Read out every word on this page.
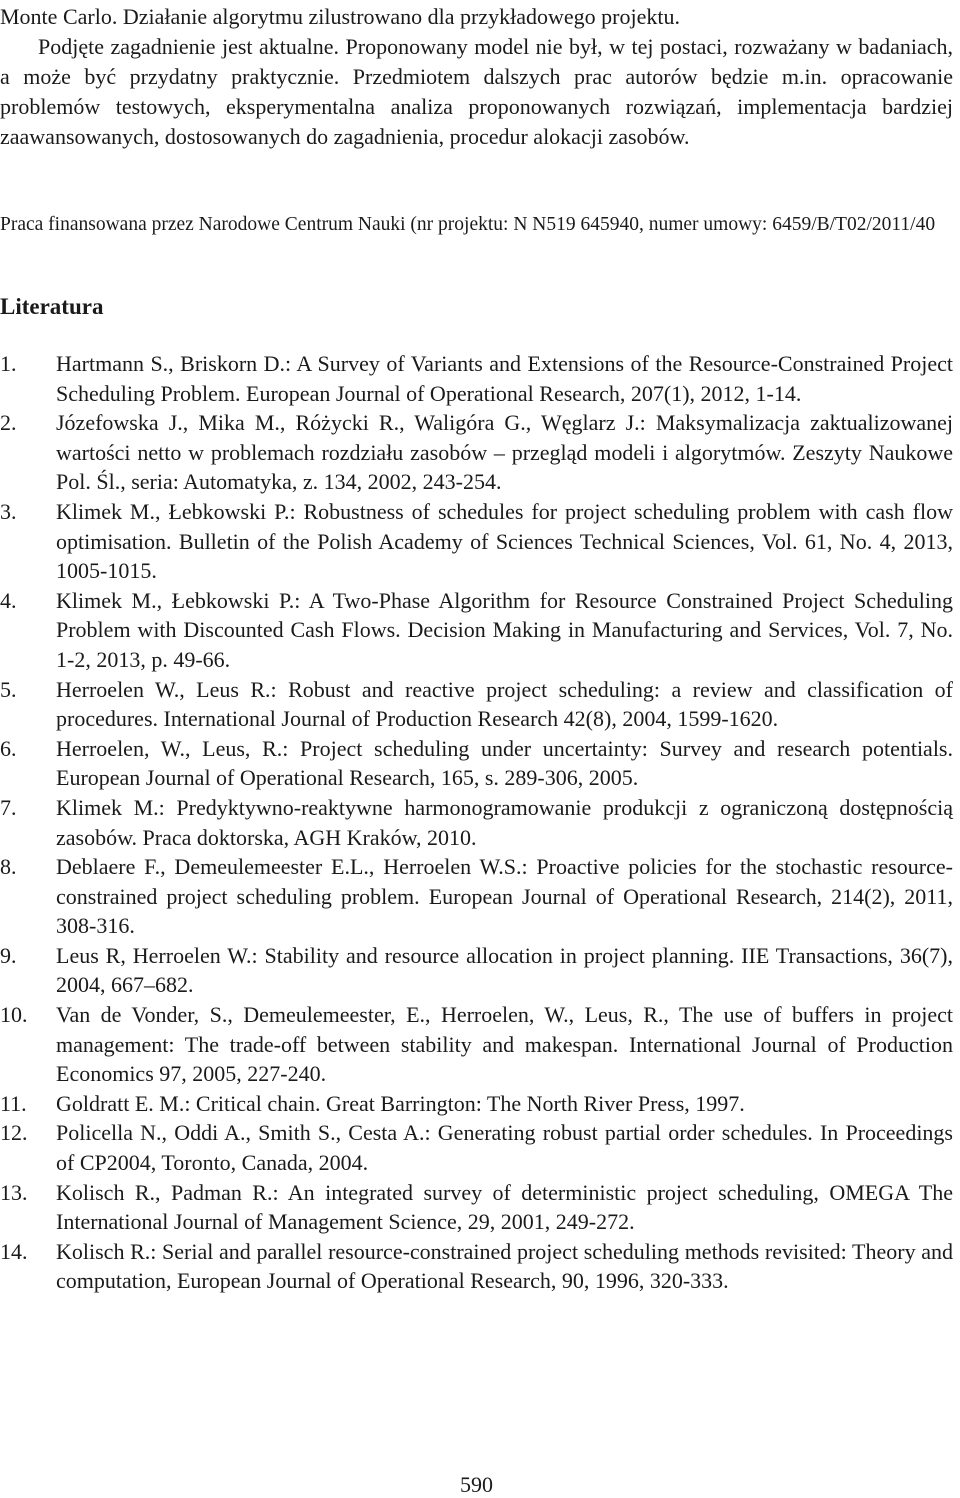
Monte Carlo. Działanie algorytmu zilustrowano dla przykładowego projektu.

Podjęte zagadnienie jest aktualne. Proponowany model nie był, w tej postaci, rozważany w badaniach, a może być przydatny praktycznie. Przedmiotem dalszych prac autorów będzie m.in. opracowanie problemów testowych, eksperymentalna analiza proponowanych rozwiązań, implementacja bardziej zaawansowanych, dostosowanych do zagadnienia, procedur alokacji zasobów.

Praca finansowana przez Narodowe Centrum Nauki (nr projektu: N N519 645940, numer umowy: 6459/B/T02/2011/40

Literatura
1. Hartmann S., Briskorn D.: A Survey of Variants and Extensions of the Resource-Constrained Project Scheduling Problem. European Journal of Operational Research, 207(1), 2012, 1-14.
2. Józefowska J., Mika M., Różycki R., Waligóra G., Węglarz J.: Maksymalizacja zaktualizowanej wartości netto w problemach rozdziału zasobów – przegląd modeli i algorytmów. Zeszyty Naukowe Pol. Śl., seria: Automatyka, z. 134, 2002, 243-254.
3. Klimek M., Łebkowski P.: Robustness of schedules for project scheduling problem with cash flow optimisation. Bulletin of the Polish Academy of Sciences Technical Sciences, Vol. 61, No. 4, 2013, 1005-1015.
4. Klimek M., Łebkowski P.: A Two-Phase Algorithm for Resource Constrained Project Scheduling Problem with Discounted Cash Flows. Decision Making in Manufacturing and Services, Vol. 7, No. 1-2, 2013, p. 49-66.
5. Herroelen W., Leus R.: Robust and reactive project scheduling: a review and classification of procedures. International Journal of Production Research 42(8), 2004, 1599-1620.
6. Herroelen, W., Leus, R.: Project scheduling under uncertainty: Survey and research potentials. European Journal of Operational Research, 165, s. 289-306, 2005.
7. Klimek M.: Predyktywno-reaktywne harmonogramowanie produkcji z ograniczoną dostępnością zasobów. Praca doktorska, AGH Kraków, 2010.
8. Deblaere F., Demeulemeester E.L., Herroelen W.S.: Proactive policies for the stochastic resource-constrained project scheduling problem. European Journal of Operational Research, 214(2), 2011, 308-316.
9. Leus R, Herroelen W.: Stability and resource allocation in project planning. IIE Transactions, 36(7), 2004, 667–682.
10. Van de Vonder, S., Demeulemeester, E., Herroelen, W., Leus, R., The use of buffers in project management: The trade-off between stability and makespan. International Journal of Production Economics 97, 2005, 227-240.
11. Goldratt E. M.: Critical chain. Great Barrington: The North River Press, 1997.
12. Policella N., Oddi A., Smith S., Cesta A.: Generating robust partial order schedules. In Proceedings of CP2004, Toronto, Canada, 2004.
13. Kolisch R., Padman R.: An integrated survey of deterministic project scheduling, OMEGA The International Journal of Management Science, 29, 2001, 249-272.
14. Kolisch R.: Serial and parallel resource-constrained project scheduling methods revisited: Theory and computation, European Journal of Operational Research, 90, 1996, 320-333.
590
